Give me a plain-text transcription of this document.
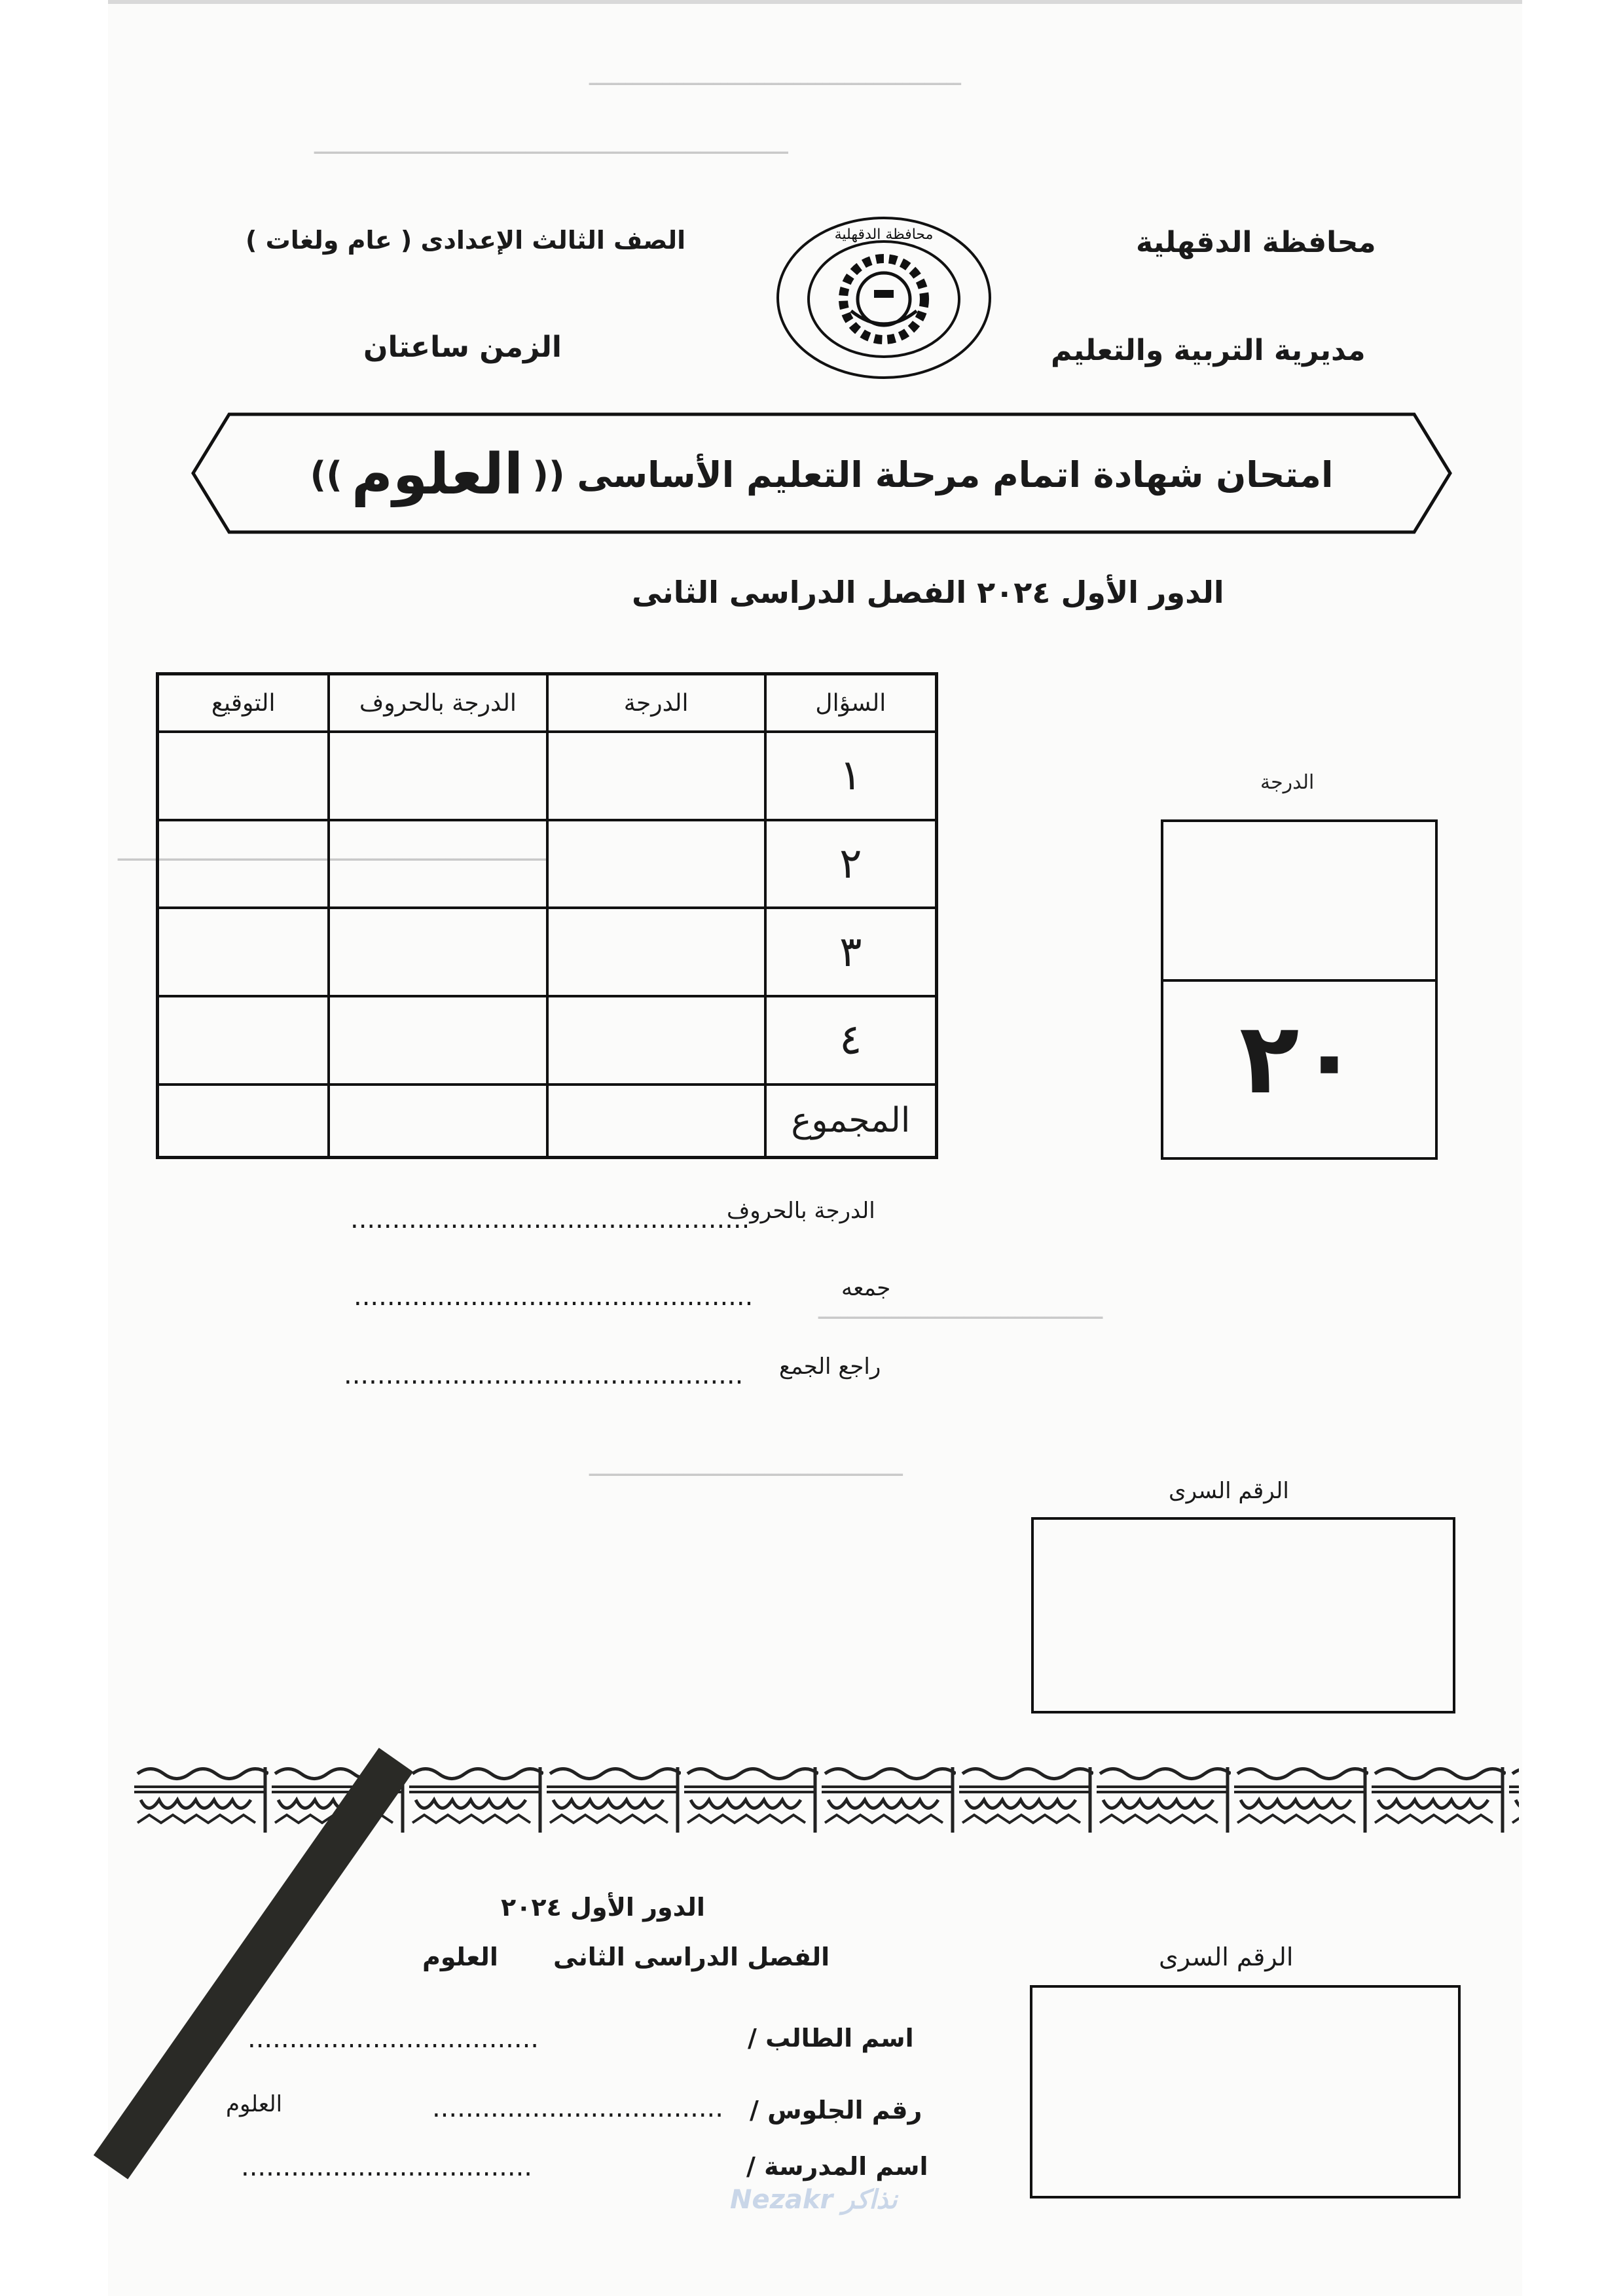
‫ـــــــــــــــــــــــــــــــــــــــــــــــــــ‬
‫ـــــــــــــــــــــــــــــــــــــــــــــــــــــــــــــــــ‬
‫ـــــــــــــــــــــــــــــــــــــــــــــــــــــــــــ‬
‫ـــــــــــــــــــــــــــــــــــــــ‬
‫ـــــــــــــــــــــــــــــــــــــــــــ‬
محافظة الدقهلية
مديرية التربية والتعليم
الصف الثالث الإعدادى ( عام ولغات )
الزمن ساعتان
محافظة الدقهلية
امتحان شهادة اتمام مرحلة التعليم الأساسى ((
العلوم
))
الدور الأول ٢٠٢٤ الفصل الدراسى الثانى
السؤال	الدرجة	الدرجة بالحروف	التوقيع
١			
٢			
٣			
٤			
المجموع			
الدرجة
٢٠
الدرجة بالحروف
................................................
جمعه
................................................
راجع الجمع
................................................
الرقم السرى
الدور الأول ٢٠٢٤
الفصل الدراسى الثانى
العلوم	الرقم السرى
اسم الطالب /
...................................
رقم الجلوس /
...................................
العلوم
اسم المدرسة /
...................................
Nezakr نذاكر
